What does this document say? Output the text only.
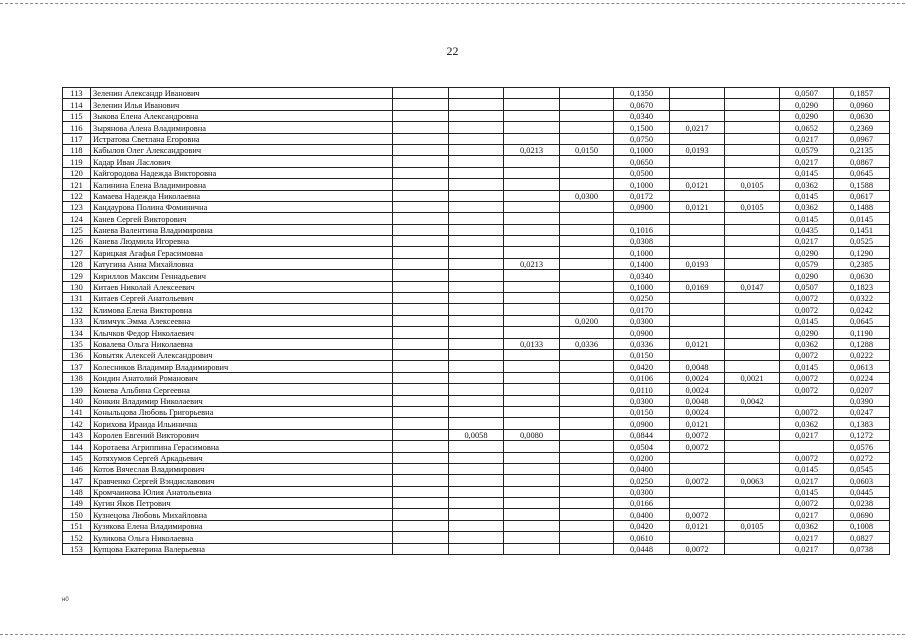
22
113	Зеленин Александр Иванович					0,1350			0,0507	0,1857
114	Зеленин Илья Иванович					0,0670			0,0290	0,0960
115	Зыкова Елена Александровна					0,0340			0,0290	0,0630
116	Зырянова Алена Владимировна					0,1500	0,0217		0,0652	0,2369
117	Истратова Светлана Егоровна					0,0750			0,0217	0,0967
118	Кабылов Олег Александрович			0,0213	0,0150	0,1000	0,0193		0,0579	0,2135
119	Кадар Иван Ласлович					0,0650			0,0217	0,0867
120	Кайгородова Надежда Викторовна					0,0500			0,0145	0,0645
121	Калинина Елена Владимировна					0,1000	0,0121	0,0105	0,0362	0,1588
122	Камаева Надежда Николаевна				0,0300	0,0172			0,0145	0,0617
123	Кандаурова Полина Фоминична					0,0900	0,0121	0,0105	0,0362	0,1488
124	Канев Сергей Викторович								0,0145	0,0145
125	Канева Валентина Владимировна					0,1016			0,0435	0,1451
126	Канева Людмила Игоревна					0,0308			0,0217	0,0525
127	Карицкая Агафья Герасимовна					0,1000			0,0290	0,1290
128	Катугина Анна Михайловна			0,0213		0,1400	0,0193		0,0579	0,2385
129	Кириллов Максим Геннадьевич					0,0340			0,0290	0,0630
130	Китаев Николай Алексеевич					0,1000	0,0169	0,0147	0,0507	0,1823
131	Китаев Сергей Анатольевич					0,0250			0,0072	0,0322
132	Климова Елена Викторовна					0,0170			0,0072	0,0242
133	Климчук Эмма Алексеевна				0,0200	0,0300			0,0145	0,0645
134	Клычков Федор Николаевич					0,0900			0,0290	0,1190
135	Ковалева Ольга Николаевна			0,0133	0,0336	0,0336	0,0121		0,0362	0,1288
136	Ковытяк Алексей Александрович					0,0150			0,0072	0,0222
137	Колесников Владимир Владимирович					0,0420	0,0048		0,0145	0,0613
138	Кондин Анатолий Романович					0,0106	0,0024	0,0021	0,0072	0,0224
139	Конева Альбина Сергеевна					0,0110	0,0024		0,0072	0,0207
140	Конкин Владимир Николаевич					0,0300	0,0048	0,0042		0,0390
141	Коныльцова Любовь Григорьевна					0,0150	0,0024		0,0072	0,0247
142	Корихова Ираида Ильинична					0,0900	0,0121		0,0362	0,1383
143	Королев Евгений Викторович		0,0058	0,0080		0,0844	0,0072		0,0217	0,1272
144	Коротаева Агриппина Герасимовна					0,0504	0,0072			0,0576
145	Котяхумов Сергей Аркадьевич					0,0200			0,0072	0,0272
146	Котов Вячеслав Владимирович					0,0400			0,0145	0,0545
147	Кравченко Сергей Вэндиславович					0,0250	0,0072	0,0063	0,0217	0,0603
148	Кромчаинова Юлия Анатольевна					0,0300			0,0145	0,0445
149	Кугин Яков Петрович					0,0166			0,0072	0,0238
150	Кузнецова Любовь Михайловна					0,0400	0,0072		0,0217	0,0690
151	Кузякова Елена Владимировна					0,0420	0,0121	0,0105	0,0362	0,1008
152	Куликова Ольга Николаевна					0,0610			0,0217	0,0827
153	Купцова Екатерина Валерьевна					0,0448	0,0072		0,0217	0,0738
н0
